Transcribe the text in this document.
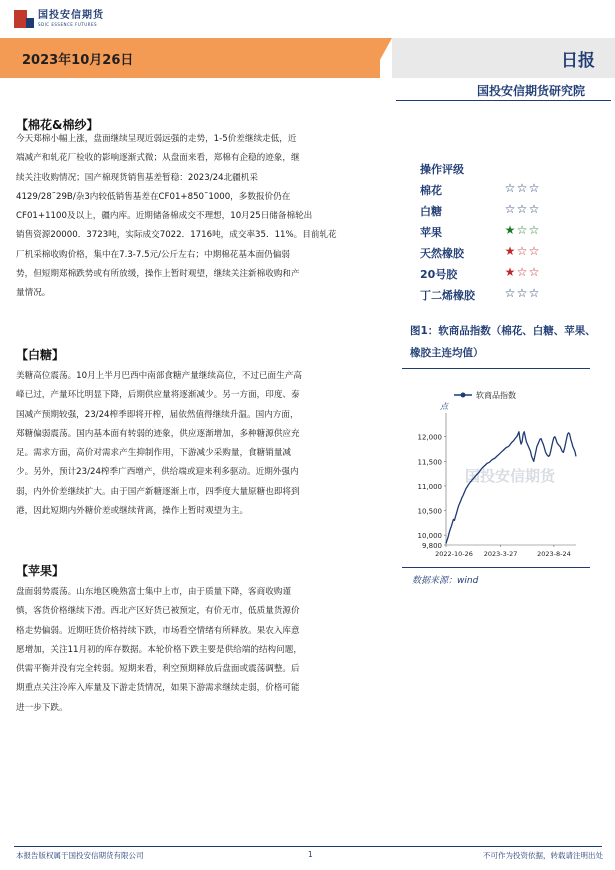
国投安信期货
SDIC ESSENCE FUTURES
2023年10月26日	日报
国投安信期货研究院
【棉花&棉纱】
今天郑棉小幅上涨，盘面继续呈现近弱远强的走势，1-5价差继续走低，近
端减产和轧花厂检收的影响逐渐式微；从盘面来看，郑棉有企稳的迹象，继
续关注收购情况；国产棉现货销售基差暂稳：2023/24北疆机采
4129/28˜29B/杂3内较低销售基差在CF01+850˜1000，多数报价仍在
CF01+1100及以上，疆内库。近期储备棉成交不理想，10月25日储备棉轮出
销售资源20000．3723吨，实际成交7022．1716吨，成交率35．11%。目前轧花
厂机采棉收购价格，集中在7.3-7.5元/公斤左右；中期棉花基本面仍偏弱
势，但短期郑棉跌势或有所放缓，操作上暂时观望，继续关注新棉收购和产
量情况。
【白糖】
美糖高位震荡。10月上半月巴西中南部食糖产量继续高位，不过已面生产高
峰已过，产量环比明显下降，后期供应量将逐渐减少。另一方面，印度、泰
国减产预期较强，23/24榨季即将开榨，届依然值得继续升温。国内方面，
郑糖偏弱震荡。国内基本面有转弱的迹象，供应逐渐增加，多种糖源供应充
足。需求方面，高价对需求产生抑制作用，下游减少采购量，食糖销量减
少。另外，预计23/24榨季广西增产，供给端或迎来利多驱动。近期外强内
弱，内外价差继续扩大。由于国产新糖逐渐上市，四季度大量原糖也即将到
港，因此短期内外糖价差或继续背离，操作上暂时观望为主。
【苹果】
盘面弱势震荡。山东地区晚熟富士集中上市，由于质量下降，客商收购谨
慎，客货价格继续下滑。西北产区好货已被预定，有价无市，低质量货源价
格走势偏弱。近期旺货价格持续下跌，市场看空情绪有所释放。果农入库意
愿增加，关注11月初的库存数据。本轮价格下跌主要是供给端的结构问题，
供需平衡并没有完全转弱。短期来看，利空预期释放后盘面或震荡调整。后
期重点关注冷库入库量及下游走货情况，如果下游需求继续走弱，价格可能
进一步下跌。
操作评级
棉花	☆☆☆
白糖	☆☆☆
苹果	★☆☆
天然橡胶	★☆☆
20号胶	★☆☆
丁二烯橡胶 ☆☆☆
图1：软商品指数（棉花、白糖、苹果、橡胶主连均值）
国投安信期货
软商品指数
点
9,800
10,000
10,500
11,000
11,500
12,000
2022-10-26 2023-3-27	2023-8-24
数据来源：wind
本报告版权属于国投安信期货有限公司	1	不可作为投资依据，转载请注明出处
